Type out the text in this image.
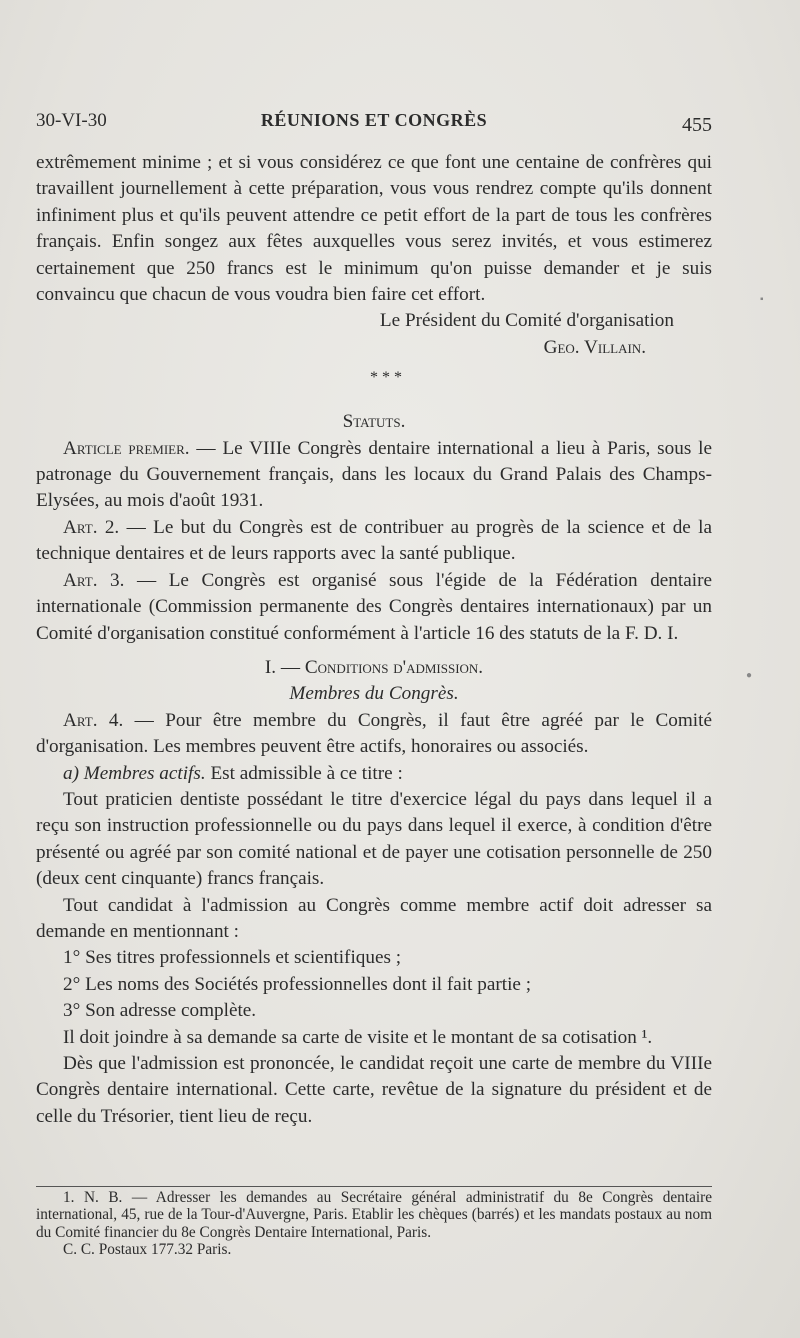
30-VI-30	RÉUNIONS ET CONGRÈS	455

extrêmement minime ; et si vous considérez ce que font une centaine de confrères qui travaillent journellement à cette préparation, vous vous rendrez compte qu'ils donnent infiniment plus et qu'ils peuvent attendre ce petit effort de la part de tous les confrères français. Enfin songez aux fêtes auxquelles vous serez invités, et vous estimerez certainement que 250 francs est le minimum qu'on puisse demander et je suis convaincu que chacun de vous voudra bien faire cet effort.

Le Président du Comité d'organisation

Geo. Villain.

* * *

Statuts.

Article premier. — Le VIIIe Congrès dentaire international a lieu à Paris, sous le patronage du Gouvernement français, dans les locaux du Grand Palais des Champs-Elysées, au mois d'août 1931.

Art. 2. — Le but du Congrès est de contribuer au progrès de la science et de la technique dentaires et de leurs rapports avec la santé publique.

Art. 3. — Le Congrès est organisé sous l'égide de la Fédération dentaire internationale (Commission permanente des Congrès dentaires internationaux) par un Comité d'organisation constitué conformément à l'article 16 des statuts de la F. D. I.

I. — Conditions d'admission.

Membres du Congrès.

Art. 4. — Pour être membre du Congrès, il faut être agréé par le Comité d'organisation. Les membres peuvent être actifs, honoraires ou associés.

a) Membres actifs. Est admissible à ce titre :

Tout praticien dentiste possédant le titre d'exercice légal du pays dans lequel il a reçu son instruction professionnelle ou du pays dans lequel il exerce, à condition d'être présenté ou agréé par son comité national et de payer une cotisation personnelle de 250 (deux cent cinquante) francs français.

Tout candidat à l'admission au Congrès comme membre actif doit adresser sa demande en mentionnant :

1° Ses titres professionnels et scientifiques ;

2° Les noms des Sociétés professionnelles dont il fait partie ;

3° Son adresse complète.

Il doit joindre à sa demande sa carte de visite et le montant de sa cotisation ¹.

Dès que l'admission est prononcée, le candidat reçoit une carte de membre du VIIIe Congrès dentaire international. Cette carte, revêtue de la signature du président et de celle du Trésorier, tient lieu de reçu.

1. N. B. — Adresser les demandes au Secrétaire général administratif du 8e Congrès dentaire international, 45, rue de la Tour-d'Auvergne, Paris. Etablir les chèques (barrés) et les mandats postaux au nom du Comité financier du 8e Congrès Dentaire International, Paris.

C. C. Postaux 177.32 Paris.

▪
●
